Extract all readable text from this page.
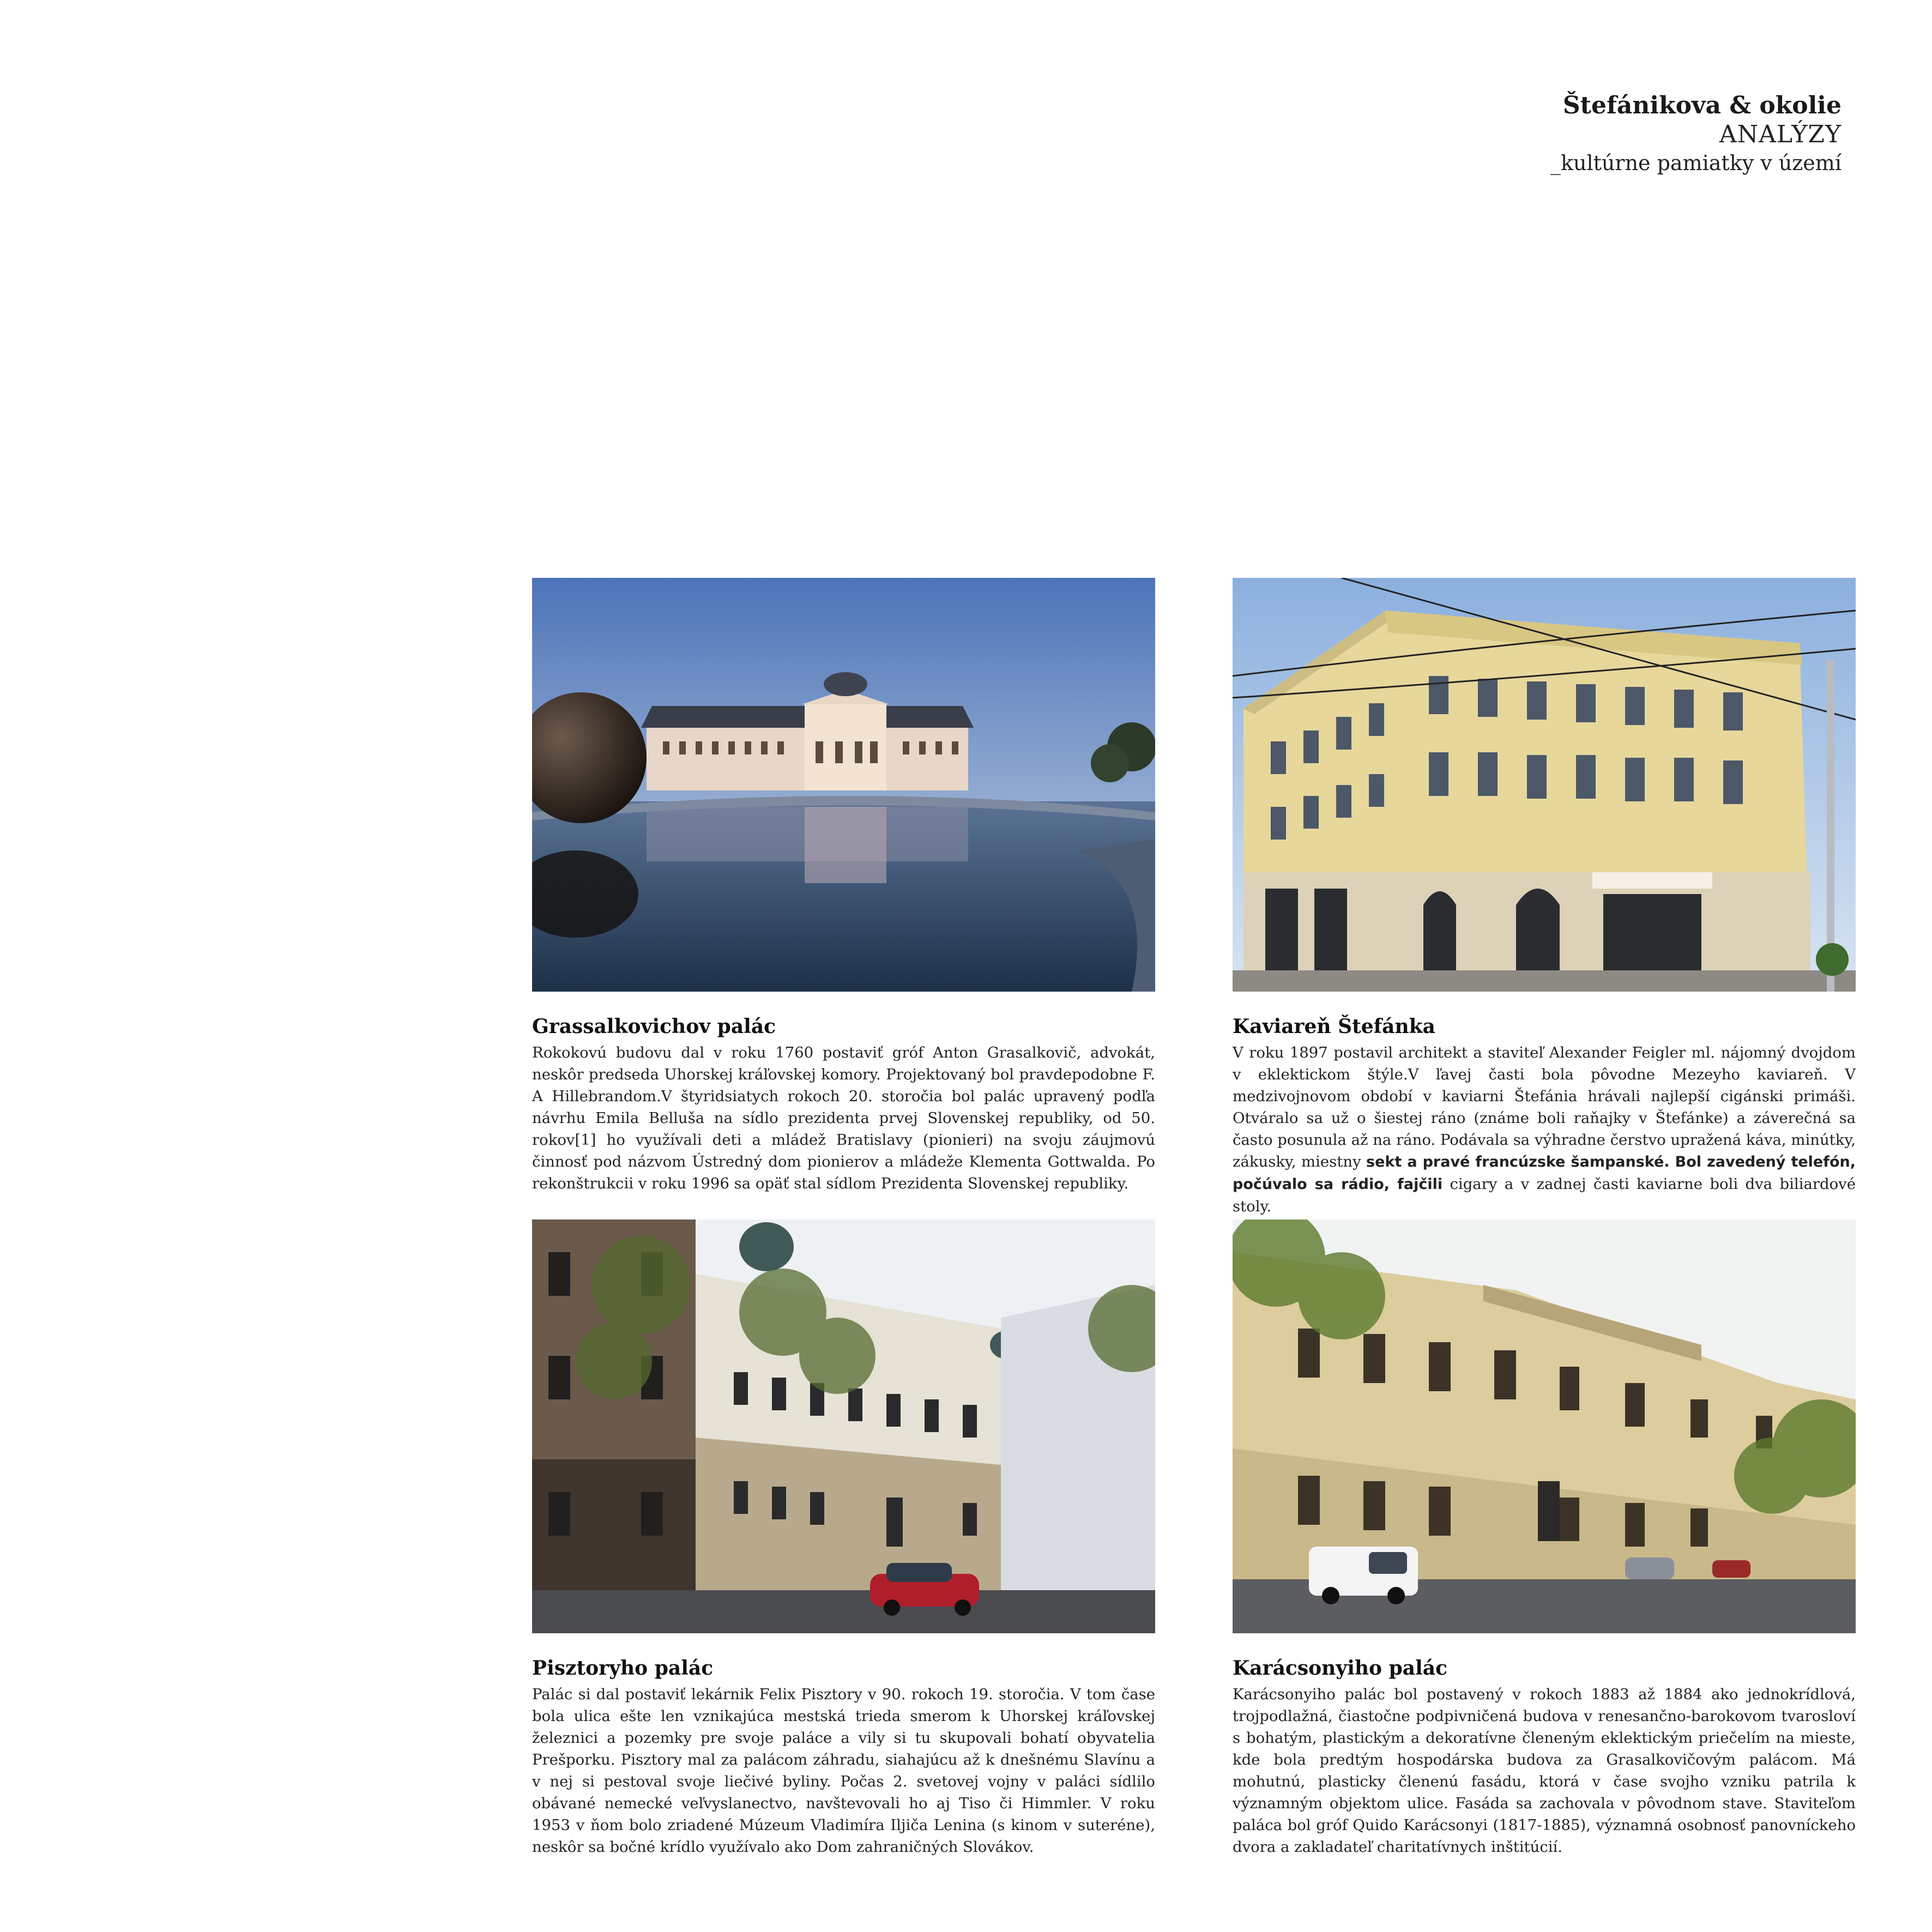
Štefánikova & okolie
ANALÝZY
_kultúrne pamiatky v území
Grassalkovichov palác

Rokokovú budovu dal v roku 1760 postaviť gróf Anton Grasalkovič, advokát, neskôr predseda Uhorskej kráľovskej komory. Projektovaný bol pravdepodobne F. A Hillebrandom.V štyridsiatych rokoch 20. storočia bol palác upravený podľa návrhu Emila Belluša na sídlo prezidenta prvej Slovenskej republiky, od 50. rokov[1] ho využívali deti a mládež Bratislavy (pionieri) na svoju záujmovú činnosť pod názvom Ústredný dom pionierov a mládeže Klementa Gottwalda. Po rekonštrukcii v roku 1996 sa opäť stal sídlom Prezidenta Slovenskej republiky.

Kaviareň Štefánka

V roku 1897 postavil architekt a staviteľ Alexander Feigler ml. nájomný dvojdom v eklektickom štýle.V ľavej časti bola pôvodne Mezeyho kaviareň. V medzivojnovom období v kaviarni Štefánia hrávali najlepší cigánski primáši. Otváralo sa už o šiestej ráno (známe boli raňajky v Štefánke) a záverečná sa často posunula až na ráno. Podávala sa výhradne čerstvo upražená káva, minútky, zákusky, miestny sekt a pravé francúzske šampanské. Bol zavedený telefón, počúvalo sa rádio, fajčili cigary a v zadnej časti kaviarne boli dva biliardové stoly.

Pisztoryho palác

Palác si dal postaviť lekárnik Felix Pisztory v 90. rokoch 19. storočia. V tom čase bola ulica ešte len vznikajúca mestská trieda smerom k Uhorskej kráľovskej železnici a pozemky pre svoje paláce a vily si tu skupovali bohatí obyvatelia Prešporku. Pisztory mal za palácom záhradu, siahajúcu až k dnešnému Slavínu a v nej si pestoval svoje liečivé byliny. Počas 2. svetovej vojny v paláci sídlilo obávané nemecké veľvyslanectvo, navštevovali ho aj Tiso či Himmler. V roku 1953 v ňom bolo zriadené Múzeum Vladimíra Iljiča Lenina (s kinom v suteréne), neskôr sa bočné krídlo využívalo ako Dom zahraničných Slovákov.

Karácsonyiho palác

Karácsonyiho palác bol postavený v rokoch 1883 až 1884 ako jednokrídlová, trojpodlažná, čiastočne podpivničená budova v renesančno-barokovom tvarosloví s bohatým, plastickým a dekoratívne členeným eklektickým priečelím na mieste, kde bola predtým hospodárska budova za Grasalkovičovým palácom. Má mohutnú, plasticky členenú fasádu, ktorá v čase svojho vzniku patrila k významným objektom ulice. Fasáda sa zachovala v pôvodnom stave. Staviteľom paláca bol gróf Quido Karácsonyi (1817-1885), významná osobnosť panovníckeho dvora a zakladateľ charitatívnych inštitúcií.
